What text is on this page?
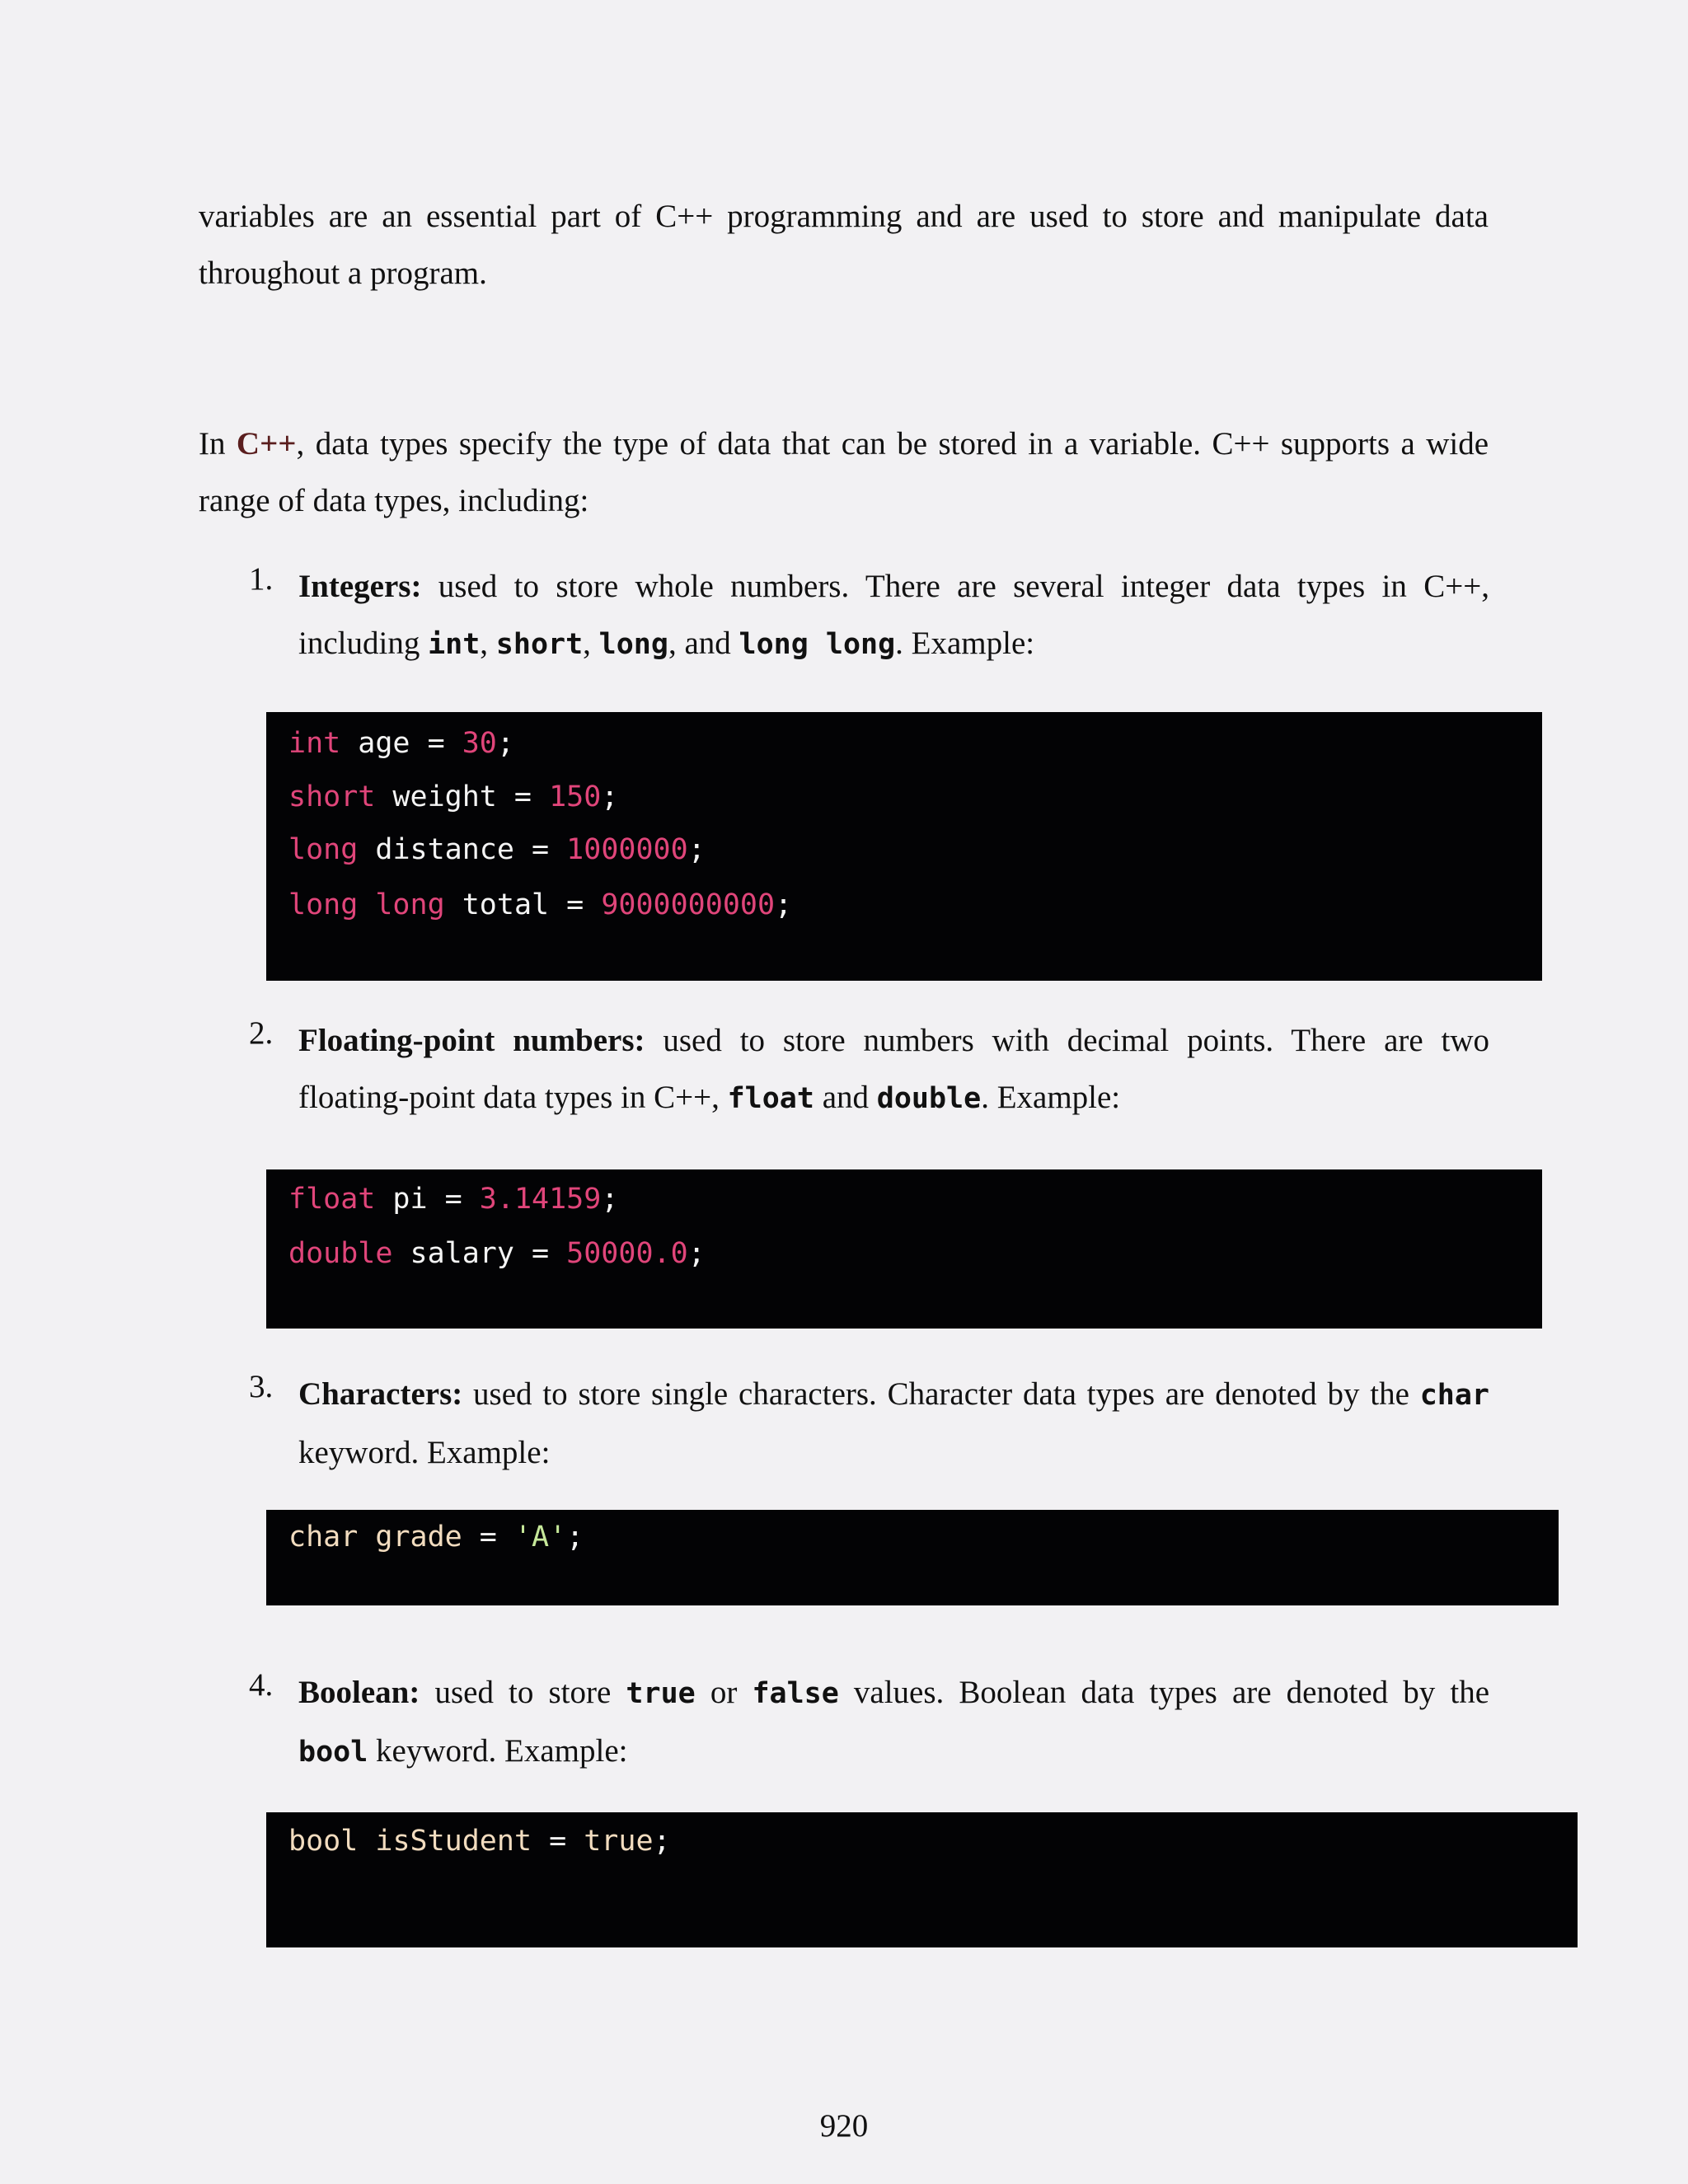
variables are an essential part of C++ programming and are used to store and manipulate data
throughout a program.
In C++, data types specify the type of data that can be stored in a variable. C++ supports a wide
range of data types, including:
1. Integers: used to store whole numbers. There are several integer data types in C++,
including int, short, long, and long long. Example:
int age = 30;
short weight = 150;
long distance = 1000000;
long long total = 9000000000;
2. Floating-point numbers: used to store numbers with decimal points. There are two
floating-point data types in C++, float and double. Example:
float pi = 3.14159;
double salary = 50000.0;
3. Characters: used to store single characters. Character data types are denoted by the char
keyword. Example:
char grade = 'A';
4. Boolean: used to store true or false values. Boolean data types are denoted by the
bool keyword. Example:
bool isStudent = true;
920
